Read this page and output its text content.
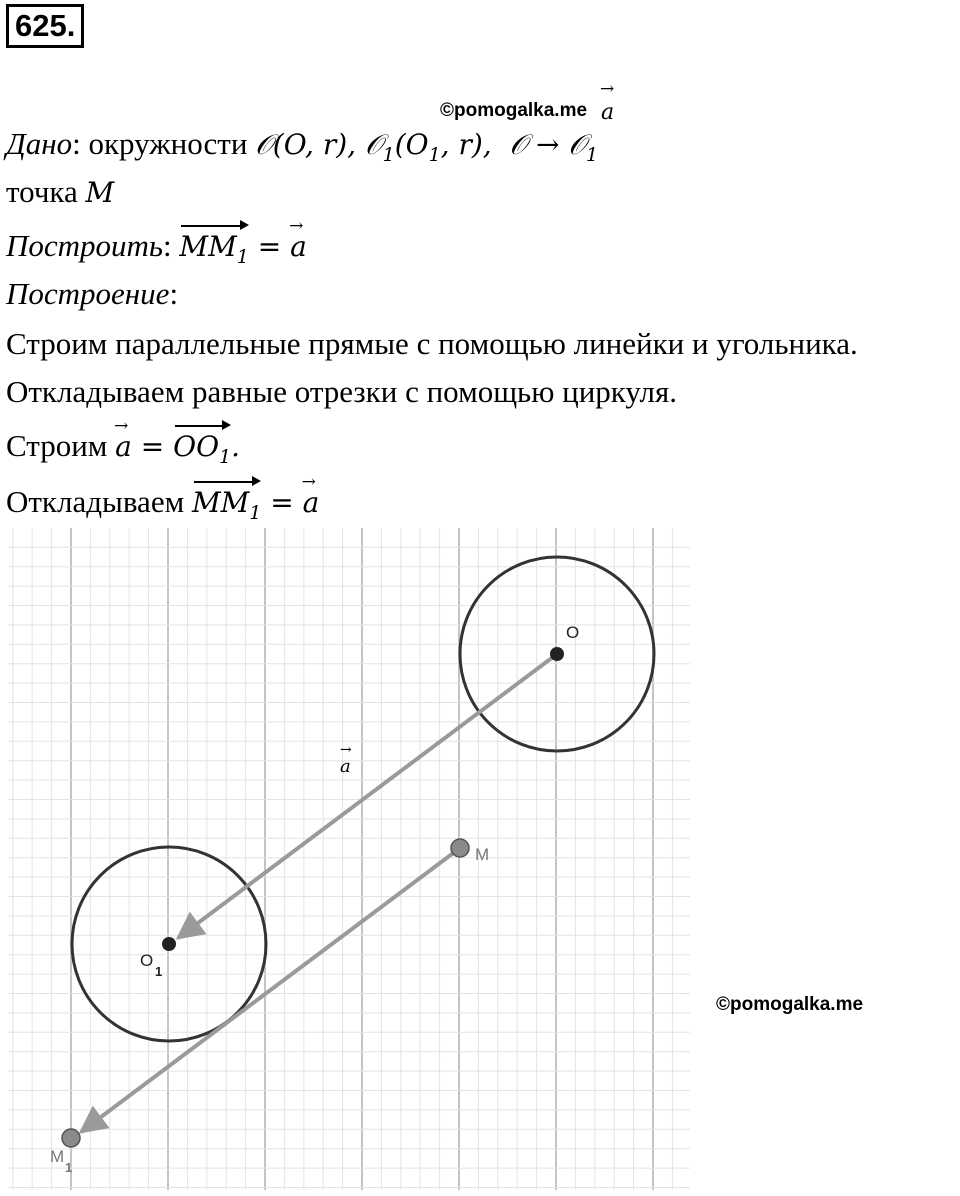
625.
©pomogalka.me
→ a
Дано: окружности 𝒪(O, r), $𝒪_1(O_1$, r),  𝒪 → 𝒪$_1$
точка M
Построить: $MM_1$ = → a
Построение:
Строим параллельные прямые с помощью линейки и угольника.
Откладываем равные отрезки с помощью циркуля.
Строим → $a = OO_1$.
Откладываем $MM_1$ = → a
©pomogalka.me
O
O
1
M
M
1
a
→
